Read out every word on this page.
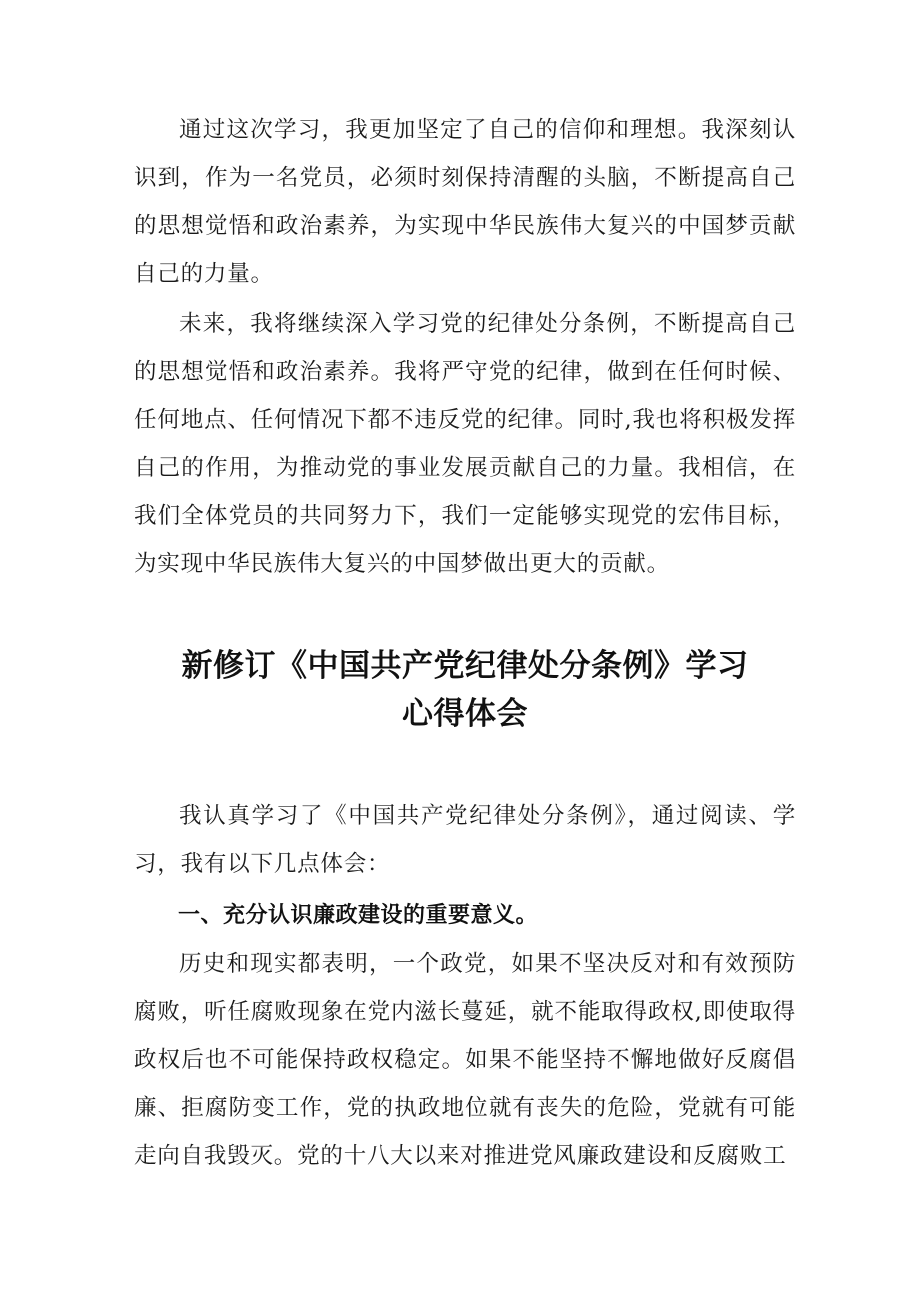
通过这次学习，我更加坚定了自己的信仰和理想。我深刻认识到，作为一名党员，必须时刻保持清醒的头脑，不断提高自己的思想觉悟和政治素养，为实现中华民族伟大复兴的中国梦贡献自己的力量。

未来，我将继续深入学习党的纪律处分条例，不断提高自己的思想觉悟和政治素养。我将严守党的纪律，做到在任何时候、任何地点、任何情况下都不违反党的纪律。同时,我也将积极发挥自己的作用，为推动党的事业发展贡献自己的力量。我相信，在我们全体党员的共同努力下，我们一定能够实现党的宏伟目标，为实现中华民族伟大复兴的中国梦做出更大的贡献。

新修订《中国共产党纪律处分条例》学习
心得体会

我认真学习了《中国共产党纪律处分条例》，通过阅读、学习，我有以下几点体会：

一、充分认识廉政建设的重要意义。

历史和现实都表明，一个政党，如果不坚决反对和有效预防腐败，听任腐败现象在党内滋长蔓延，就不能取得政权,即使取得政权后也不可能保持政权稳定。如果不能坚持不懈地做好反腐倡廉、拒腐防变工作，党的执政地位就有丧失的危险，党就有可能走向自我毁灭。党的十八大以来对推进党风廉政建设和反腐败工
